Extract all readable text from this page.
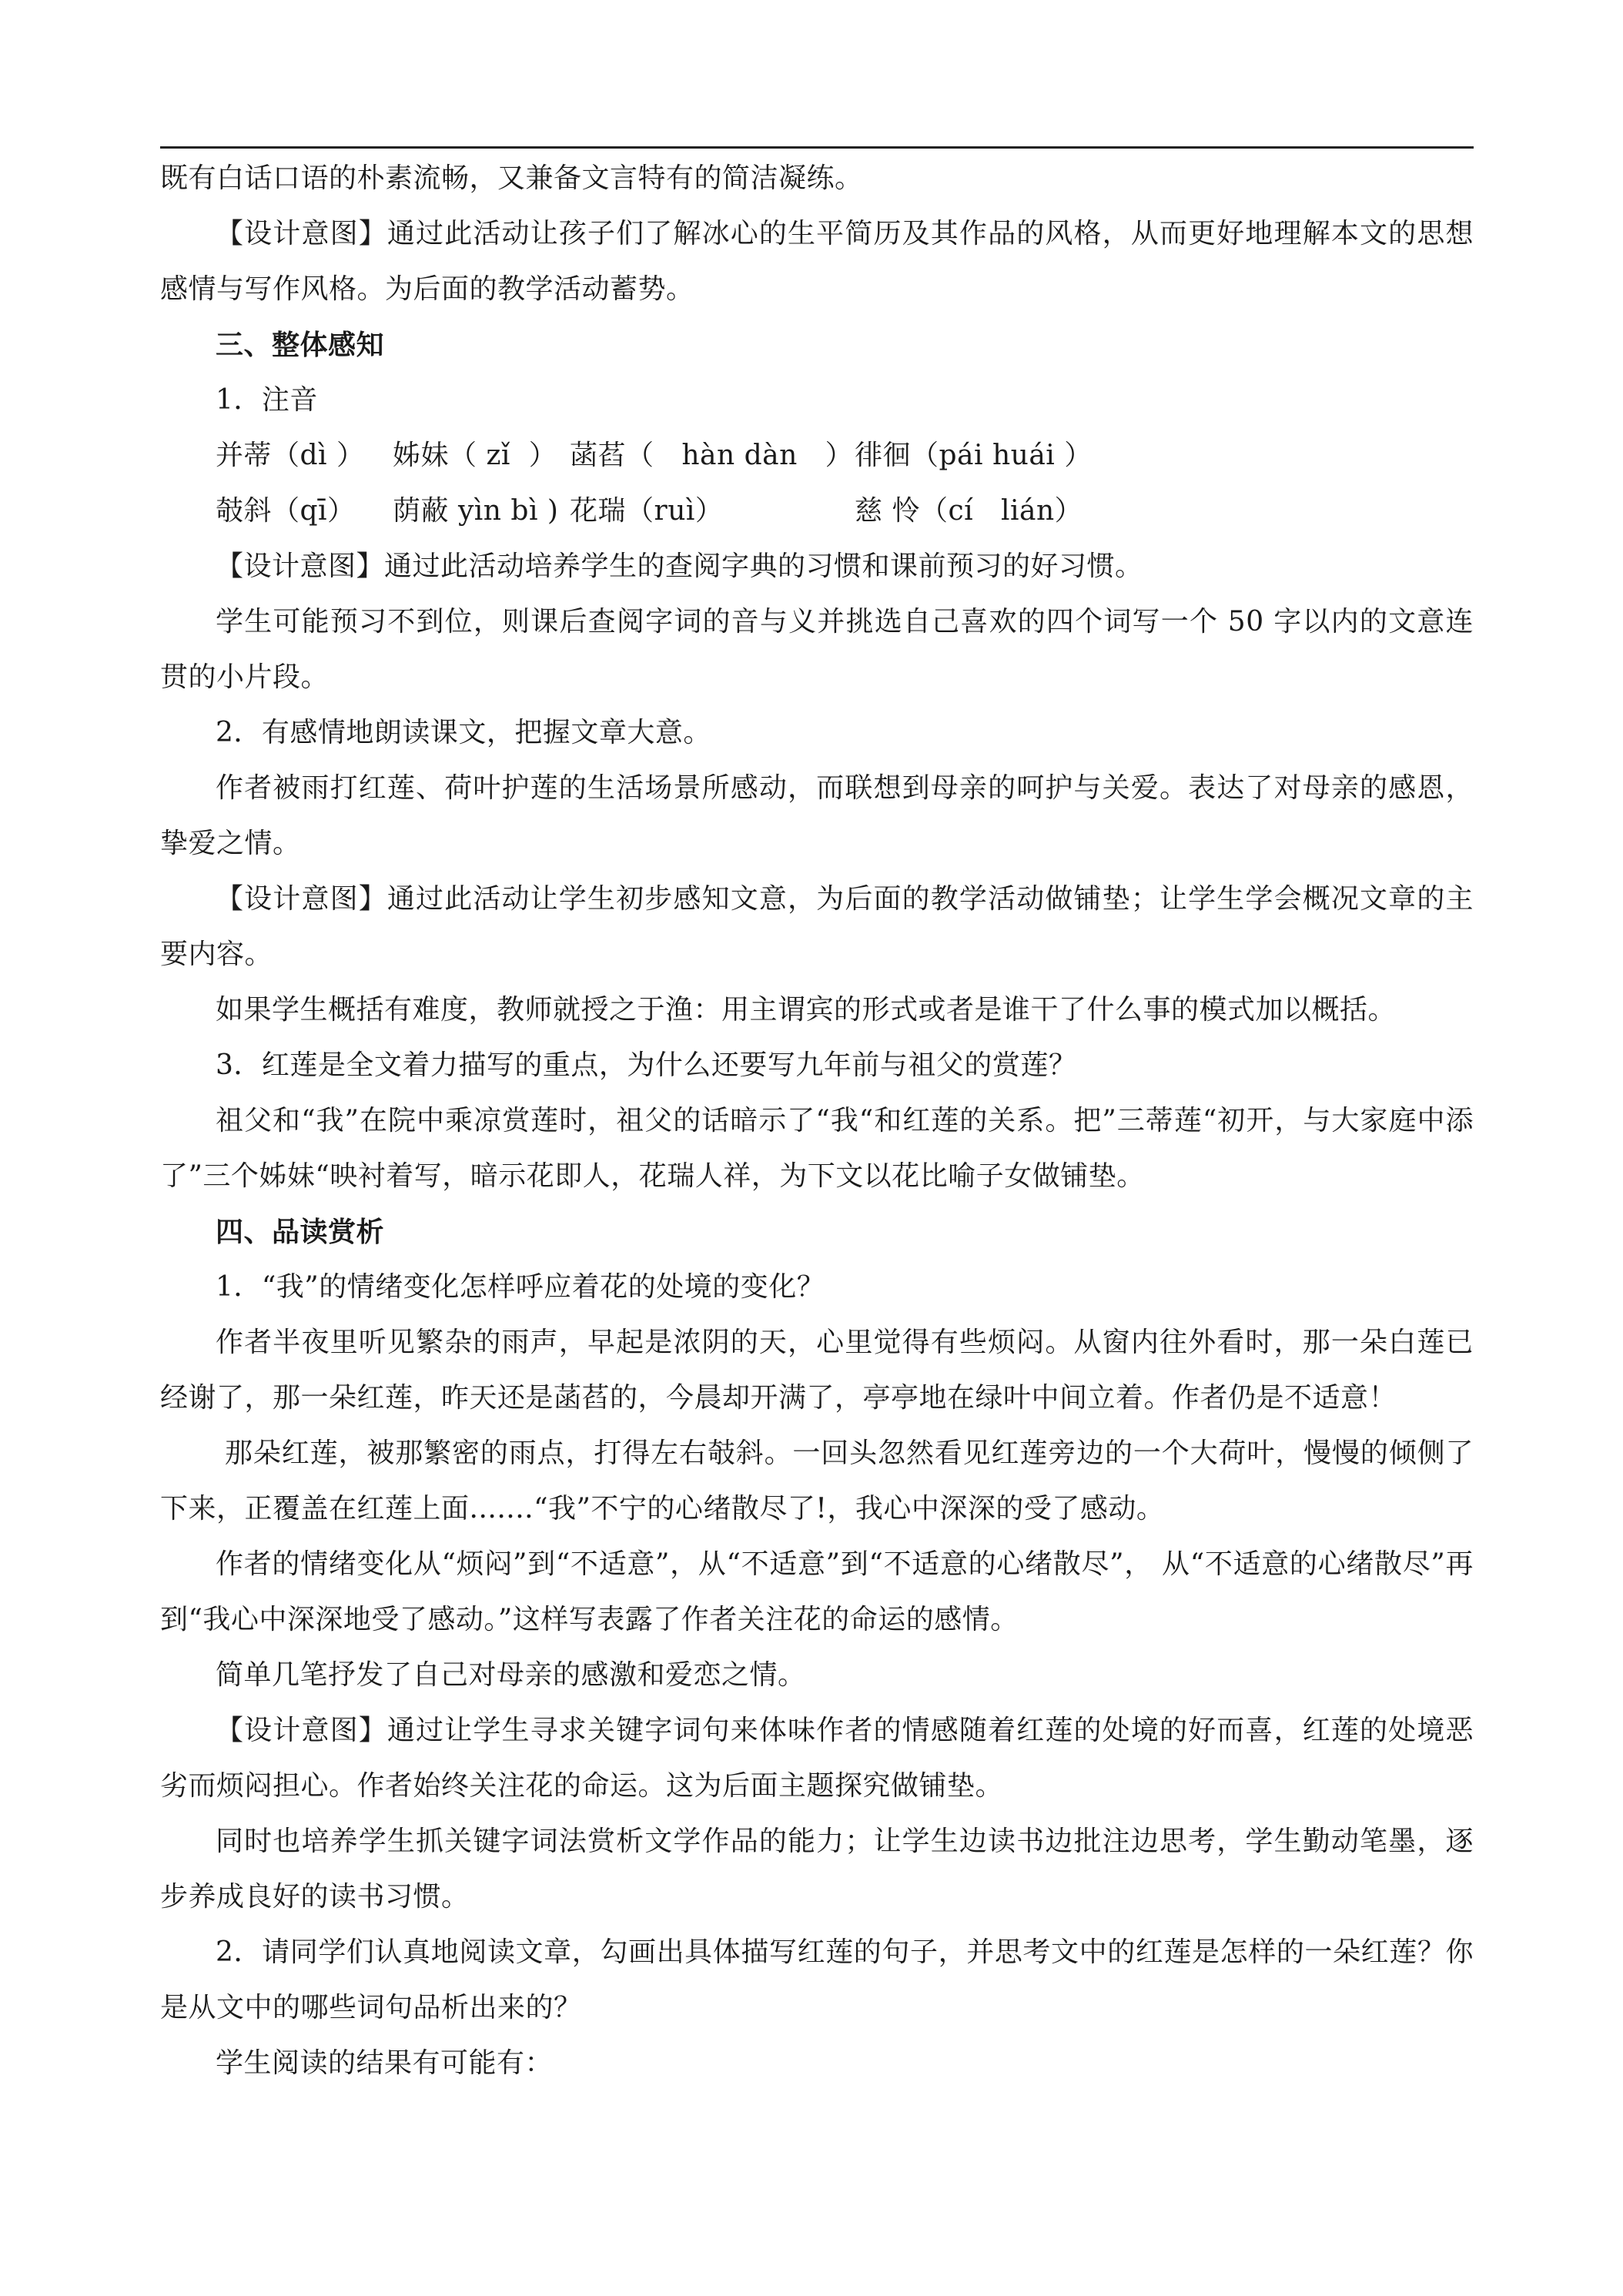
既有白话口语的朴素流畅，又兼备文言特有的简洁凝练。

【设计意图】通过此活动让孩子们了解冰心的生平简历及其作品的风格，从而更好地理解本文的思想感情与写作风格。为后面的教学活动蓄势。

三、整体感知

1．注音

并蒂（dì ） 姊妹（ zǐ  ） 菡萏（   hàn dàn   ）徘徊（pái huái ）

攲斜（qī） 荫蔽 yìn bì ) 花瑞（ruì）	慈 怜（cí   lián）

【设计意图】通过此活动培养学生的查阅字典的习惯和课前预习的好习惯。

学生可能预习不到位，则课后查阅字词的音与义并挑选自己喜欢的四个词写一个 50 字以内的文意连贯的小片段。

2．有感情地朗读课文，把握文章大意。

作者被雨打红莲、荷叶护莲的生活场景所感动，而联想到母亲的呵护与关爱。表达了对母亲的感恩，挚爱之情。

【设计意图】通过此活动让学生初步感知文意，为后面的教学活动做铺垫；让学生学会概况文章的主要内容。

如果学生概括有难度，教师就授之于渔：用主谓宾的形式或者是谁干了什么事的模式加以概括。

3．红莲是全文着力描写的重点，为什么还要写九年前与祖父的赏莲？

祖父和“我”在院中乘凉赏莲时，祖父的话暗示了“我“和红莲的关系。把”三蒂莲“初开，与大家庭中添了”三个姊妹“映衬着写，暗示花即人，花瑞人祥，为下文以花比喻子女做铺垫。

四、品读赏析

1．“我”的情绪变化怎样呼应着花的处境的变化？

作者半夜里听见繁杂的雨声，早起是浓阴的天，心里觉得有些烦闷。从窗内往外看时，那一朵白莲已经谢了，那一朵红莲，昨天还是菡萏的，今晨却开满了，亭亭地在绿叶中间立着。作者仍是不适意！

那朵红莲，被那繁密的雨点，打得左右攲斜。一回头忽然看见红莲旁边的一个大荷叶，慢慢的倾侧了下来，正覆盖在红莲上面.......“我”不宁的心绪散尽了!，我心中深深的受了感动。

作者的情绪变化从“烦闷”到“不适意”，从“不适意”到“不适意的心绪散尽”， 从“不适意的心绪散尽”再到“我心中深深地受了感动。”这样写表露了作者关注花的命运的感情。

简单几笔抒发了自己对母亲的感激和爱恋之情。

【设计意图】通过让学生寻求关键字词句来体味作者的情感随着红莲的处境的好而喜，红莲的处境恶劣而烦闷担心。作者始终关注花的命运。这为后面主题探究做铺垫。

同时也培养学生抓关键字词法赏析文学作品的能力；让学生边读书边批注边思考，学生勤动笔墨，逐步养成良好的读书习惯。

2．请同学们认真地阅读文章，勾画出具体描写红莲的句子，并思考文中的红莲是怎样的一朵红莲？你是从文中的哪些词句品析出来的？

学生阅读的结果有可能有：
